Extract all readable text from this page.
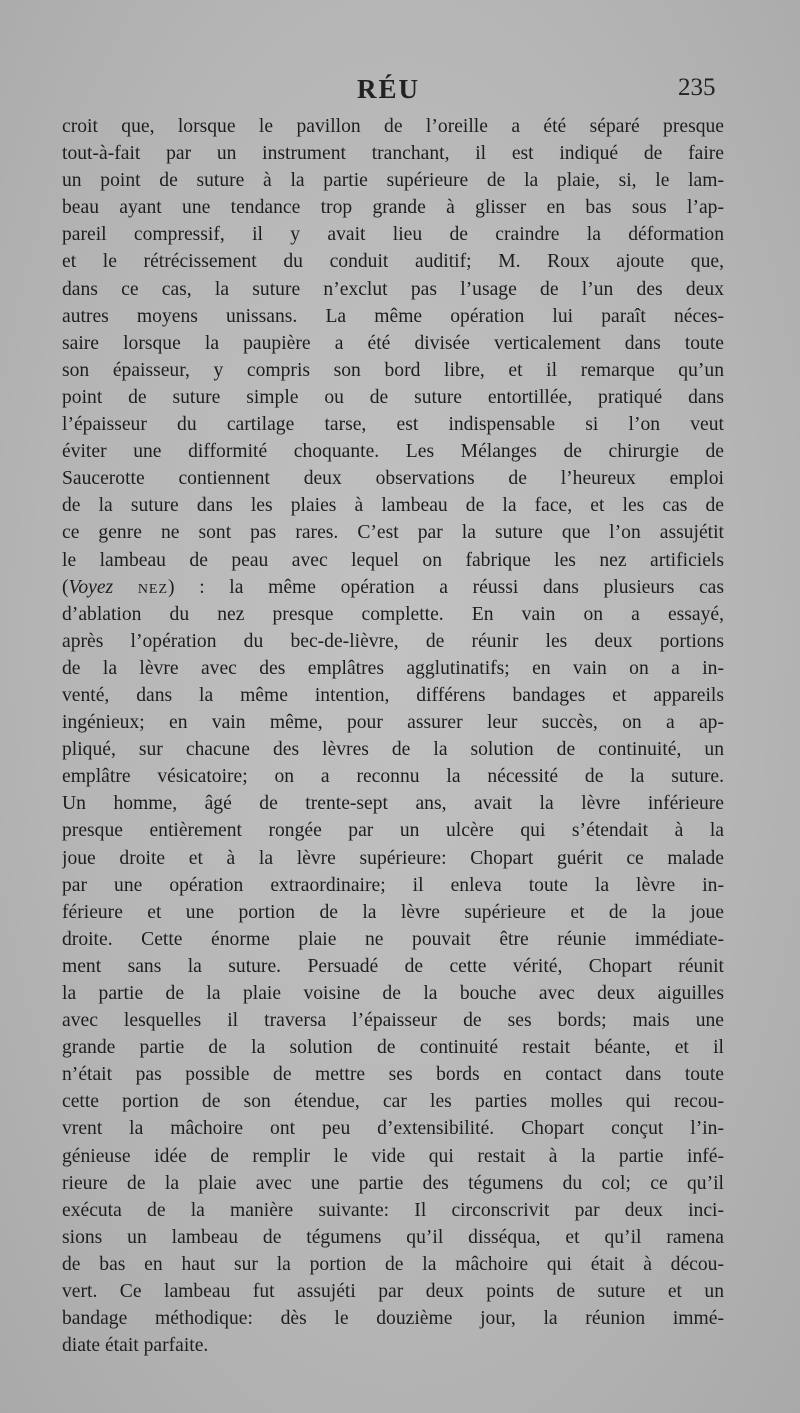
RÉU	235
croit que, lorsque le pavillon de l’oreille a été séparé presque
tout-à-fait par un instrument tranchant, il est indiqué de faire
un point de suture à la partie supérieure de la plaie, si, le lam-
beau ayant une tendance trop grande à glisser en bas sous l’ap-
pareil compressif, il y avait lieu de craindre la déformation
et le rétrécissement du conduit auditif; M. Roux ajoute que,
dans ce cas, la suture n’exclut pas l’usage de l’un des deux
autres moyens unissans. La même opération lui paraît néces-
saire lorsque la paupière a été divisée verticalement dans toute
son épaisseur, y compris son bord libre, et il remarque qu’un
point de suture simple ou de suture entortillée, pratiqué dans
l’épaisseur du cartilage tarse, est indispensable si l’on veut
éviter une difformité choquante. Les Mélanges de chirurgie de
Saucerotte contiennent deux observations de l’heureux emploi
de la suture dans les plaies à lambeau de la face, et les cas de
ce genre ne sont pas rares. C’est par la suture que l’on assujétit
le lambeau de peau avec lequel on fabrique les nez artificiels
(Voyez NEZ) : la même opération a réussi dans plusieurs cas
d’ablation du nez presque complette. En vain on a essayé,
après l’opération du bec-de-lièvre, de réunir les deux portions
de la lèvre avec des emplâtres agglutinatifs; en vain on a in-
venté, dans la même intention, différens bandages et appareils
ingénieux; en vain même, pour assurer leur succès, on a ap-
pliqué, sur chacune des lèvres de la solution de continuité, un
emplâtre vésicatoire; on a reconnu la nécessité de la suture.
Un homme, âgé de trente-sept ans, avait la lèvre inférieure
presque entièrement rongée par un ulcère qui s’étendait à la
joue droite et à la lèvre supérieure: Chopart guérit ce malade
par une opération extraordinaire; il enleva toute la lèvre in-
férieure et une portion de la lèvre supérieure et de la joue
droite. Cette énorme plaie ne pouvait être réunie immédiate-
ment sans la suture. Persuadé de cette vérité, Chopart réunit
la partie de la plaie voisine de la bouche avec deux aiguilles
avec lesquelles il traversa l’épaisseur de ses bords; mais une
grande partie de la solution de continuité restait béante, et il
n’était pas possible de mettre ses bords en contact dans toute
cette portion de son étendue, car les parties molles qui recou-
vrent la mâchoire ont peu d’extensibilité. Chopart conçut l’in-
génieuse idée de remplir le vide qui restait à la partie infé-
rieure de la plaie avec une partie des tégumens du col; ce qu’il
exécuta de la manière suivante: Il circonscrivit par deux inci-
sions un lambeau de tégumens qu’il disséqua, et qu’il ramena
de bas en haut sur la portion de la mâchoire qui était à décou-
vert. Ce lambeau fut assujéti par deux points de suture et un
bandage méthodique: dès le douzième jour, la réunion immé-
diate était parfaite.
